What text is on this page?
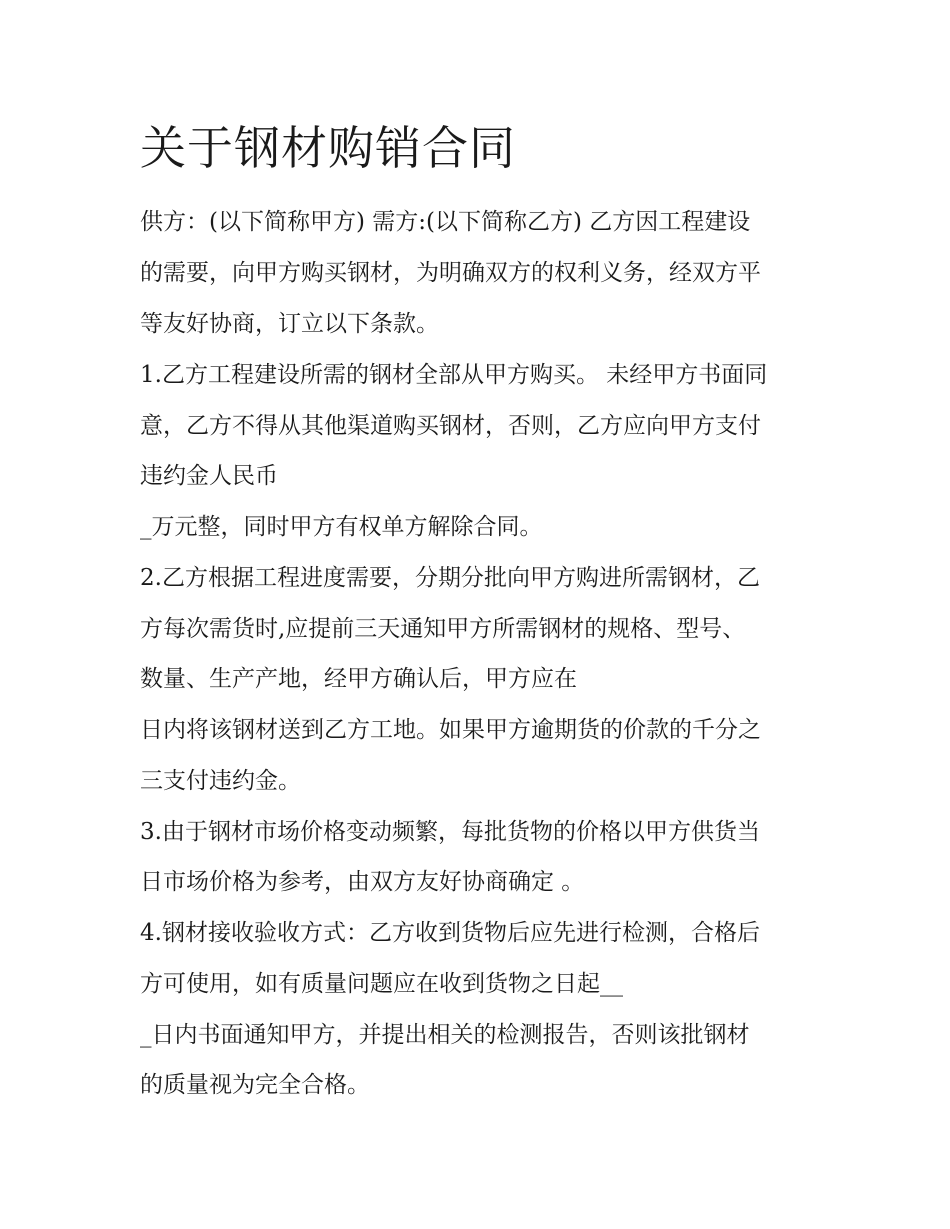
关于钢材购销合同

供方：(以下简称甲方) 需方:(以下简称乙方) 乙方因工程建设

的需要，向甲方购买钢材，为明确双方的权利义务，经双方平

等友好协商，订立以下条款。

1.乙方工程建设所需的钢材全部从甲方购买。 未经甲方书面同

意，乙方不得从其他渠道购买钢材，否则，乙方应向甲方支付

违约金人民币

_万元整，同时甲方有权单方解除合同。

2.乙方根据工程进度需要，分期分批向甲方购进所需钢材，乙

方每次需货时,应提前三天通知甲方所需钢材的规格、型号、

数量、生产产地，经甲方确认后，甲方应在

日内将该钢材送到乙方工地。如果甲方逾期货的价款的千分之

三支付违约金。

3.由于钢材市场价格变动频繁，每批货物的价格以甲方供货当

日市场价格为参考，由双方友好协商确定 。

4.钢材接收验收方式：乙方收到货物后应先进行检测，合格后

方可使用，如有质量问题应在收到货物之日起__

_日内书面通知甲方，并提出相关的检测报告，否则该批钢材

的质量视为完全合格。
